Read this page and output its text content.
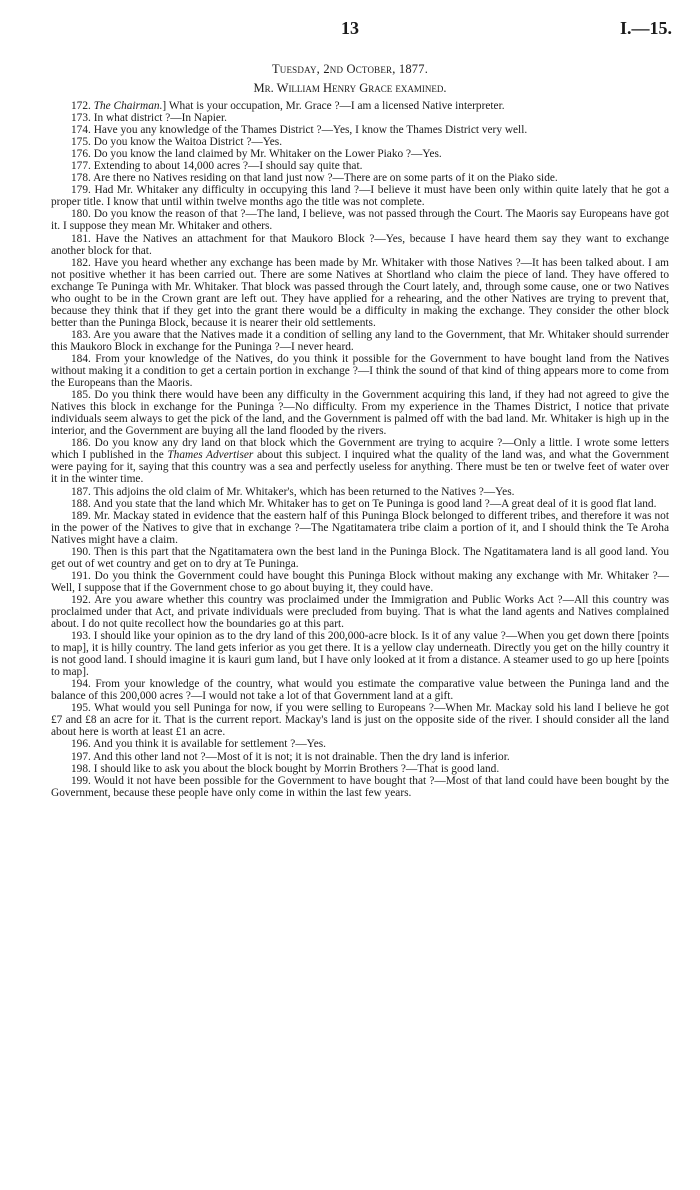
13	I.—15.
Tuesday, 2nd October, 1877.
Mr. William Henry Grace examined.

172. The Chairman.] What is your occupation, Mr. Grace ?—I am a licensed Native interpreter.

173. In what district ?—In Napier.

174. Have you any knowledge of the Thames District ?—Yes, I know the Thames District very well.

175. Do you know the Waitoa District ?—Yes.

176. Do you know the land claimed by Mr. Whitaker on the Lower Piako ?—Yes.

177. Extending to about 14,000 acres ?—I should say quite that.

178. Are there no Natives residing on that land just now ?—There are on some parts of it on the Piako side.

179. Had Mr. Whitaker any difficulty in occupying this land ?—I believe it must have been only within quite lately that he got a proper title. I know that until within twelve months ago the title was not complete.

180. Do you know the reason of that ?—The land, I believe, was not passed through the Court. The Maoris say Europeans have got it. I suppose they mean Mr. Whitaker and others.

181. Have the Natives an attachment for that Maukoro Block ?—Yes, because I have heard them say they want to exchange another block for that.

182. Have you heard whether any exchange has been made by Mr. Whitaker with those Natives ?—It has been talked about. I am not positive whether it has been carried out. There are some Natives at Shortland who claim the piece of land. They have offered to exchange Te Puninga with Mr. Whitaker. That block was passed through the Court lately, and, through some cause, one or two Natives who ought to be in the Crown grant are left out. They have applied for a rehearing, and the other Natives are trying to prevent that, because they think that if they get into the grant there would be a difficulty in making the exchange. They consider the other block better than the Puninga Block, because it is nearer their old settlements.

183. Are you aware that the Natives made it a condition of selling any land to the Government, that Mr. Whitaker should surrender this Maukoro Block in exchange for the Puninga ?—I never heard.

184. From your knowledge of the Natives, do you think it possible for the Government to have bought land from the Natives without making it a condition to get a certain portion in exchange ?—I think the sound of that kind of thing appears more to come from the Europeans than the Maoris.

185. Do you think there would have been any difficulty in the Government acquiring this land, if they had not agreed to give the Natives this block in exchange for the Puninga ?—No difficulty. From my experience in the Thames District, I notice that private individuals seem always to get the pick of the land, and the Government is palmed off with the bad land. Mr. Whitaker is high up in the interior, and the Government are buying all the land flooded by the rivers.

186. Do you know any dry land on that block which the Government are trying to acquire ?—Only a little. I wrote some letters which I published in the Thames Advertiser about this subject. I inquired what the quality of the land was, and what the Government were paying for it, saying that this country was a sea and perfectly useless for anything. There must be ten or twelve feet of water over it in the winter time.

187. This adjoins the old claim of Mr. Whitaker's, which has been returned to the Natives ?—Yes.

188. And you state that the land which Mr. Whitaker has to get on Te Puninga is good land ?—A great deal of it is good flat land.

189. Mr. Mackay stated in evidence that the eastern half of this Puninga Block belonged to different tribes, and therefore it was not in the power of the Natives to give that in exchange ?—The Ngatitamatera tribe claim a portion of it, and I should think the Te Aroha Natives might have a claim.

190. Then is this part that the Ngatitamatera own the best land in the Puninga Block. The Ngatitamatera land is all good land. You get out of wet country and get on to dry at Te Puninga.

191. Do you think the Government could have bought this Puninga Block without making any exchange with Mr. Whitaker ?—Well, I suppose that if the Government chose to go about buying it, they could have.

192. Are you aware whether this country was proclaimed under the Immigration and Public Works Act ?—All this country was proclaimed under that Act, and private individuals were precluded from buying. That is what the land agents and Natives complained about. I do not quite recollect how the boundaries go at this part.

193. I should like your opinion as to the dry land of this 200,000-acre block. Is it of any value ?—When you get down there [points to map], it is hilly country. The land gets inferior as you get there. It is a yellow clay underneath. Directly you get on the hilly country it is not good land. I should imagine it is kauri gum land, but I have only looked at it from a distance. A steamer used to go up here [points to map].

194. From your knowledge of the country, what would you estimate the comparative value between the Puninga land and the balance of this 200,000 acres ?—I would not take a lot of that Government land at a gift.

195. What would you sell Puninga for now, if you were selling to Europeans ?—When Mr. Mackay sold his land I believe he got £7 and £8 an acre for it. That is the current report. Mackay's land is just on the opposite side of the river. I should consider all the land about here is worth at least £1 an acre.

196. And you think it is available for settlement ?—Yes.

197. And this other land not ?—Most of it is not; it is not drainable. Then the dry land is inferior.

198. I should like to ask you about the block bought by Morrin Brothers ?—That is good land.

199. Would it not have been possible for the Government to have bought that ?—Most of that land could have been bought by the Government, because these people have only come in within the last few years.
